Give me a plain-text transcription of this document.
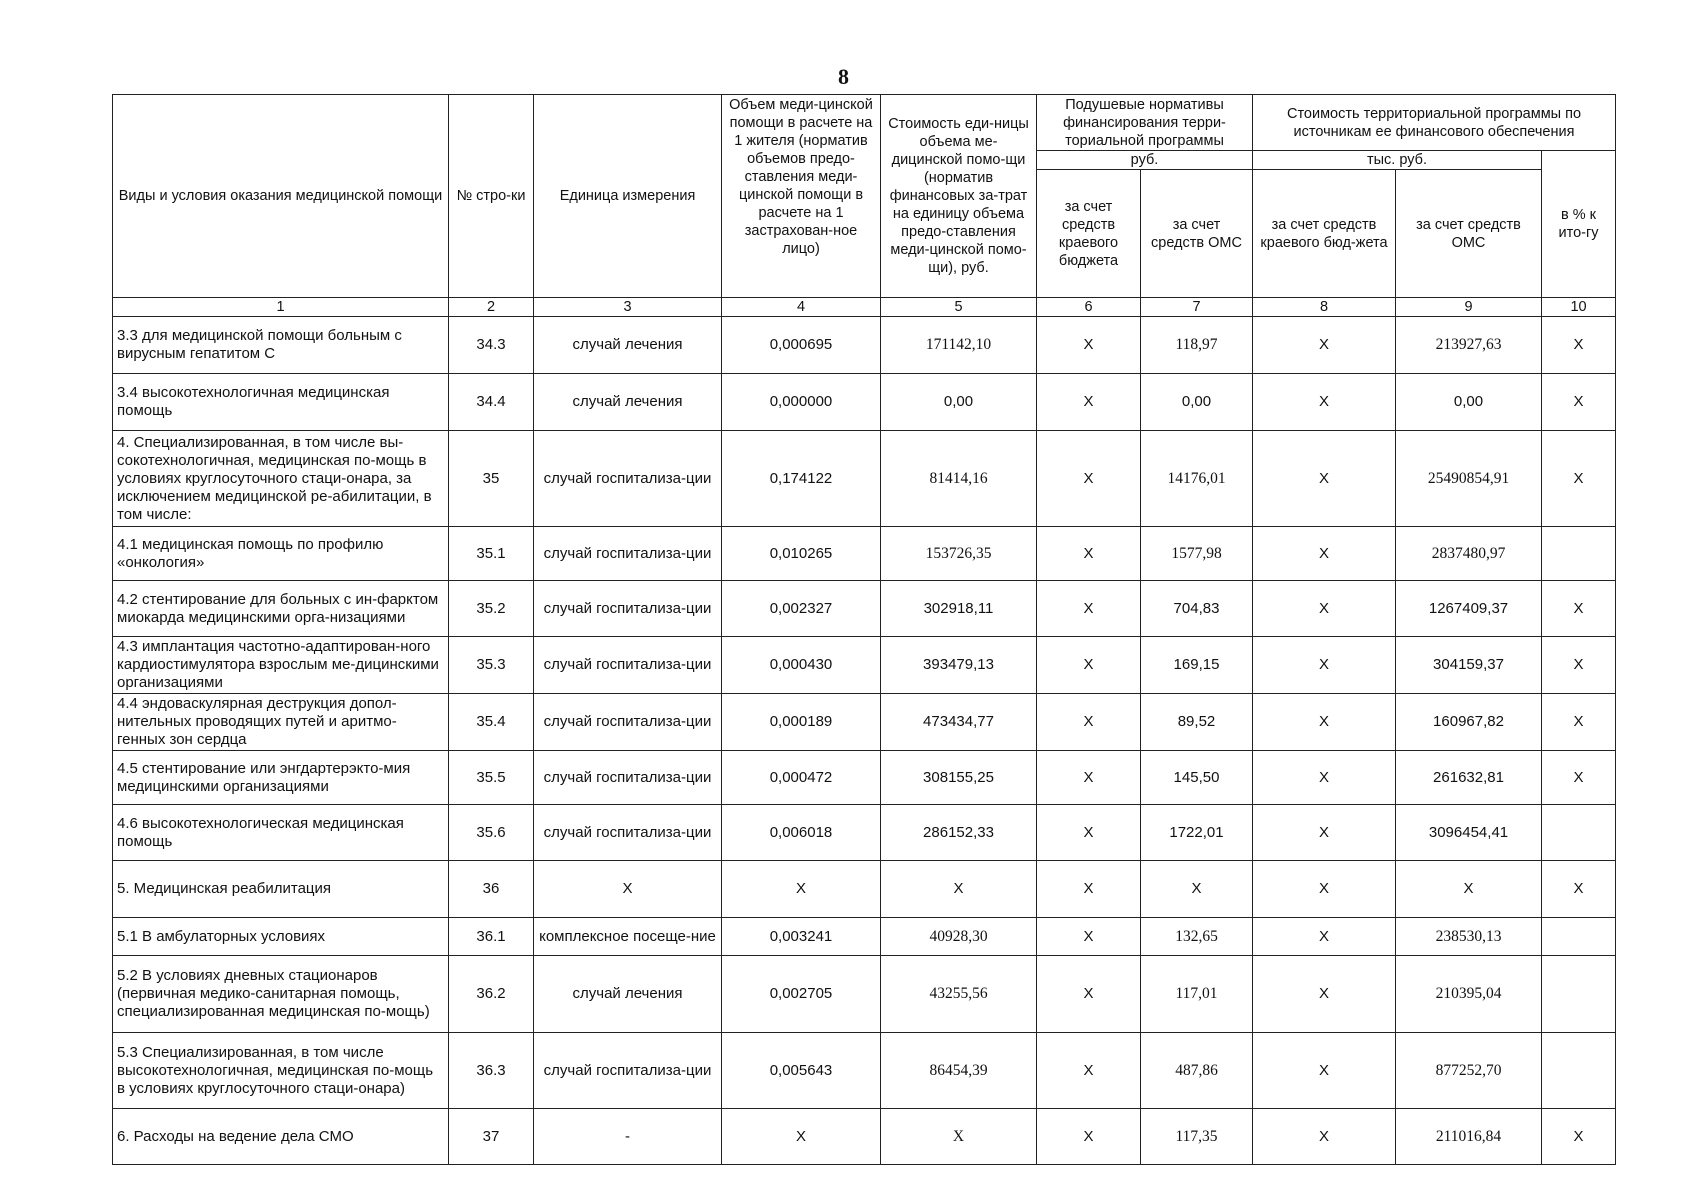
8
Виды и условия оказания медицинской помощи	№ стро-ки	Единица измерения	Объем меди-цинской помощи в расчете на 1 жителя (норматив объемов предо-ставления меди-цинской помощи в расчете на 1 застрахован-ное лицо)	Стоимость еди-ницы объема ме-дицинской помо-щи (норматив финансовых за-трат на единицу объема предо-ставления меди-цинской помо-щи), руб.	Подушевые нормативы финансирования терри-ториальной программы		Стоимость территориальной программы по источникам ее финансового обеспечения		
					руб.		тыс. руб.		в % к ито-гу
					за счет средств краевого бюджета	за счет средств ОМС	за счет средств краевого бюд-жета	за счет средств ОМС	
1	2	3	4	5	6	7	8	9	10
3.3 для медицинской помощи больным с вирусным гепатитом С	34.3	случай лечения	0,000695	171142,10	X	118,97	X	213927,63	X
3.4 высокотехнологичная медицинская помощь	34.4	случай лечения	0,000000	0,00	X	0,00	X	0,00	X
4. Специализированная, в том числе вы-сокотехнологичная, медицинская по-мощь в условиях круглосуточного стаци-онара, за исключением медицинской ре-абилитации, в том числе:	35	случай госпитализа-ции	0,174122	81414,16	X	14176,01	X	25490854,91	X
4.1 медицинская помощь по профилю «онкология»	35.1	случай госпитализа-ции	0,010265	153726,35	X	1577,98	X	2837480,97	
4.2 стентирование для больных с ин-фарктом миокарда медицинскими орга-низациями	35.2	случай госпитализа-ции	0,002327	302918,11	X	704,83	X	1267409,37	X
4.3 имплантация частотно-адаптирован-ного кардиостимулятора взрослым ме-дицинскими организациями	35.3	случай госпитализа-ции	0,000430	393479,13	X	169,15	X	304159,37	X
4.4 эндоваскулярная деструкция допол-нительных проводящих путей и аритмо-генных зон сердца	35.4	случай госпитализа-ции	0,000189	473434,77	X	89,52	X	160967,82	X
4.5 стентирование или энгдартерэкто-мия медицинскими организациями	35.5	случай госпитализа-ции	0,000472	308155,25	X	145,50	X	261632,81	X
4.6 высокотехнологическая медицинская помощь	35.6	случай госпитализа-ции	0,006018	286152,33	X	1722,01	X	3096454,41	
5. Медицинская реабилитация	36	X	X	X	X	X	X	X	X
5.1 В амбулаторных условиях	36.1	комплексное посеще-ние	0,003241	40928,30	X	132,65	X	238530,13	
5.2 В условиях дневных стационаров (первичная медико-санитарная помощь, специализированная медицинская по-мощь)	36.2	случай лечения	0,002705	43255,56	X	117,01	X	210395,04	
5.3 Специализированная, в том числе высокотехнологичная, медицинская по-мощь в условиях круглосуточного стаци-онара)	36.3	случай госпитализа-ции	0,005643	86454,39	X	487,86	X	877252,70	
6. Расходы на ведение дела СМО	37	-	X	X	X	117,35	X	211016,84	X
